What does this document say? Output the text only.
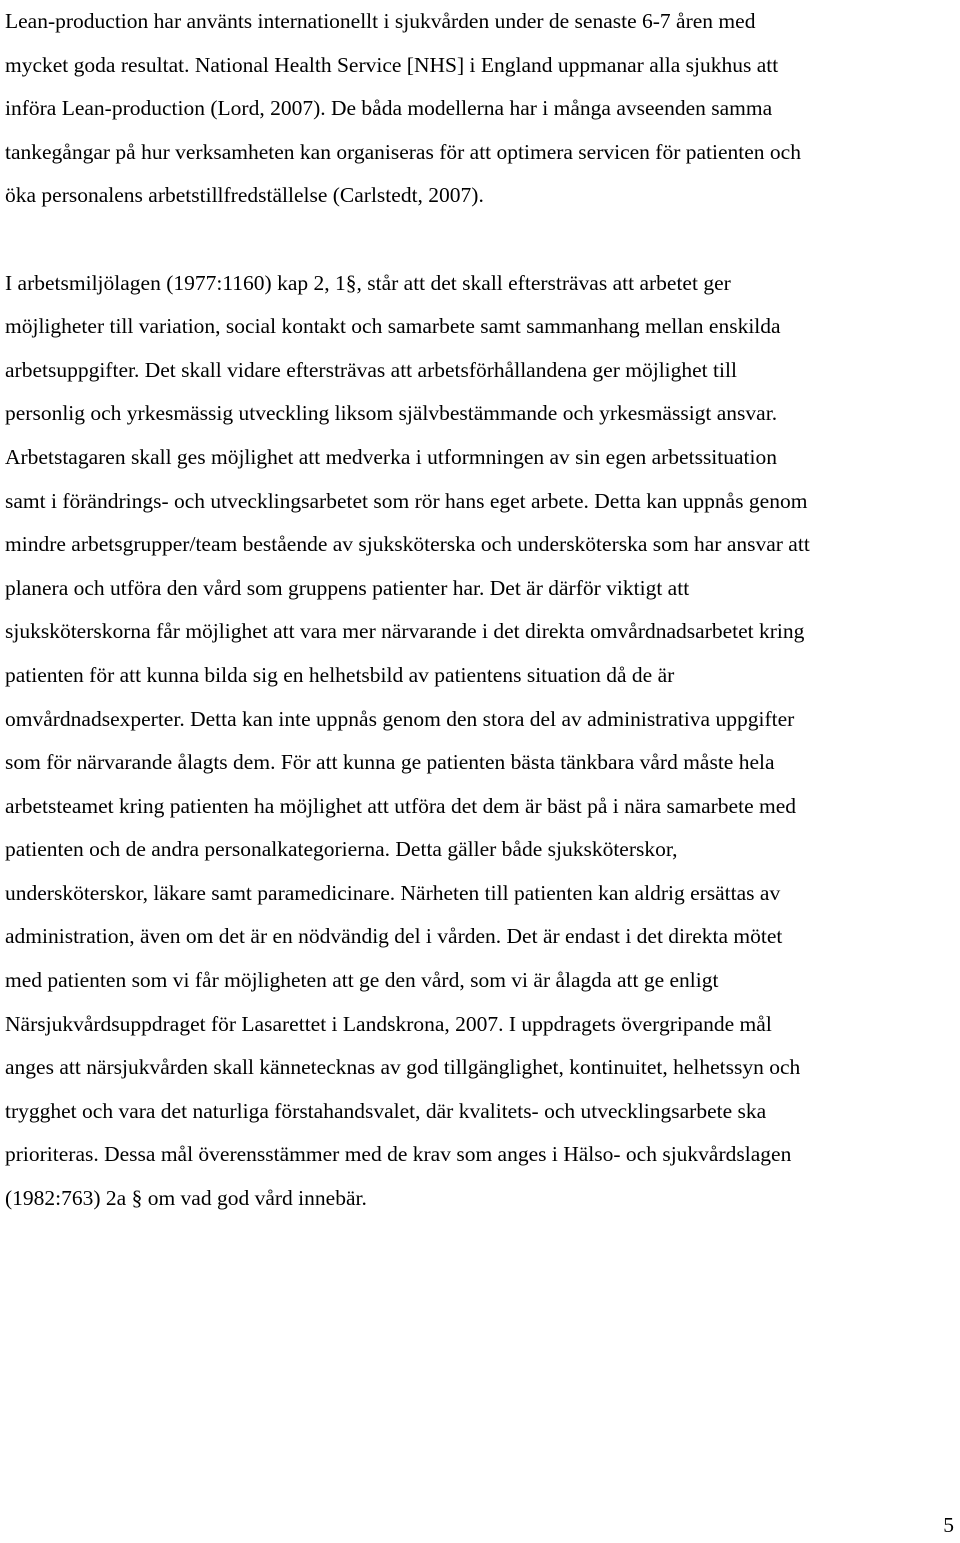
Lean-production har använts internationellt i sjukvården under de senaste 6-7 åren med
mycket goda resultat. National Health Service [NHS] i England uppmanar alla sjukhus att
införa Lean-production (Lord, 2007). De båda modellerna har i många avseenden samma
tankegångar på hur verksamheten kan organiseras för att optimera servicen för patienten och
öka personalens arbetstillfredställelse (Carlstedt, 2007).
I arbetsmiljölagen (1977:1160) kap 2, 1§, står att det skall eftersträvas att arbetet ger
möjligheter till variation, social kontakt och samarbete samt sammanhang mellan enskilda
arbetsuppgifter. Det skall vidare eftersträvas att arbetsförhållandena ger möjlighet till
personlig och yrkesmässig utveckling liksom självbestämmande och yrkesmässigt ansvar.
Arbetstagaren skall ges möjlighet att medverka i utformningen av sin egen arbetssituation
samt i förändrings- och utvecklingsarbetet som rör hans eget arbete. Detta kan uppnås genom
mindre arbetsgrupper/team bestående av sjuksköterska och undersköterska som har ansvar att
planera och utföra den vård som gruppens patienter har. Det är därför viktigt att
sjuksköterskorna får möjlighet att vara mer närvarande i det direkta omvårdnadsarbetet kring
patienten för att kunna bilda sig en helhetsbild av patientens situation då de är
omvårdnadsexperter. Detta kan inte uppnås genom den stora del av administrativa uppgifter
som för närvarande ålagts dem. För att kunna ge patienten bästa tänkbara vård måste hela
arbetsteamet kring patienten ha möjlighet att utföra det dem är bäst på i nära samarbete med
patienten och de andra personalkategorierna. Detta gäller både sjuksköterskor,
undersköterskor, läkare samt paramedicinare. Närheten till patienten kan aldrig ersättas av
administration, även om det är en nödvändig del i vården. Det är endast i det direkta mötet
med patienten som vi får möjligheten att ge den vård, som vi är ålagda att ge enligt
Närsjukvårdsuppdraget för Lasarettet i Landskrona, 2007. I uppdragets övergripande mål
anges att närsjukvården skall kännetecknas av god tillgänglighet, kontinuitet, helhetssyn och
trygghet och vara det naturliga förstahandsvalet, där kvalitets- och utvecklingsarbete ska
prioriteras. Dessa mål överensstämmer med de krav som anges i Hälso- och sjukvårdslagen
(1982:763) 2a § om vad god vård innebär.
5
